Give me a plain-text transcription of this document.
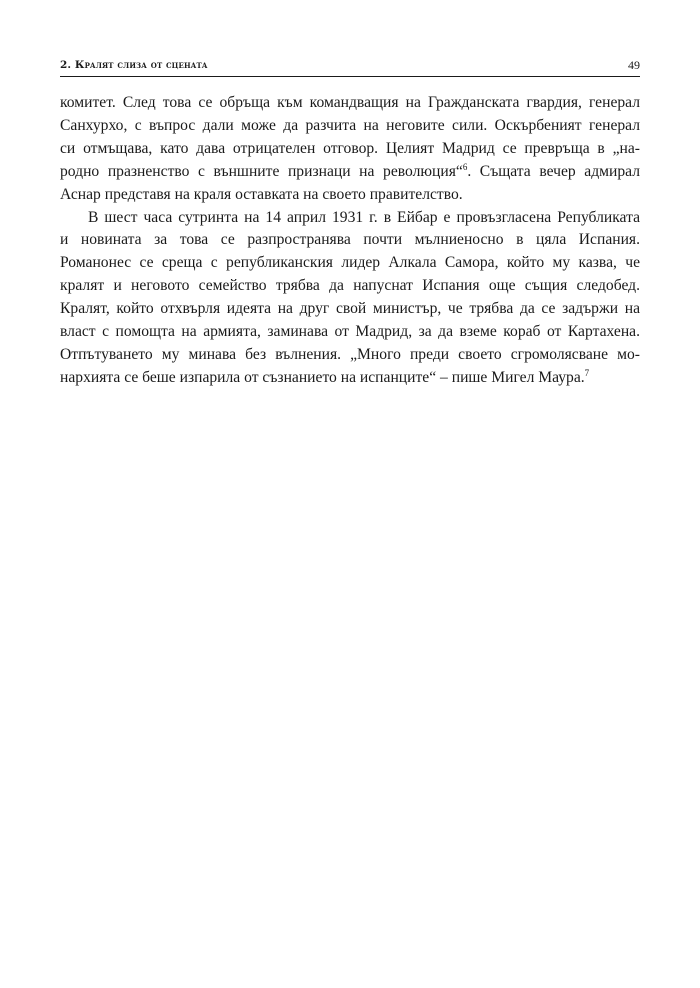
2. Кралят слиза от сцената	49
комитет. След това се обръща към командващия на Гражданската гвардия, генерал
Санхурхо, с въпрос дали може да разчита на неговите сили. Оскърбеният генерал
си отмъщава, като дава отрицателен отговор. Целият Мадрид се превръща в „на-
родно празненство с външните признаци на революция“$^6$. Същата вечер адмирал
Аснар представя на краля оставката на своето правителство.
В шест часа сутринта на 14 април 1931 г. в Ейбар е провъзгласена Републиката
и новината за това се разпространява почти мълниеносно в цяла Испания.
Романонес се среща с републиканския лидер Алкала Самора, който му казва, че
кралят и неговото семейство трябва да напуснат Испания още същия следобед.
Кралят, който отхвърля идеята на друг свой министър, че трябва да се задържи на
власт с помощта на армията, заминава от Мадрид, за да вземе кораб от Картахена.
Отпътуването му минава без вълнения. „Много преди своето сгромолясване мо-
нархията се беше изпарила от съзнанието на испанците“ – пише Мигел Маура.$^7$
